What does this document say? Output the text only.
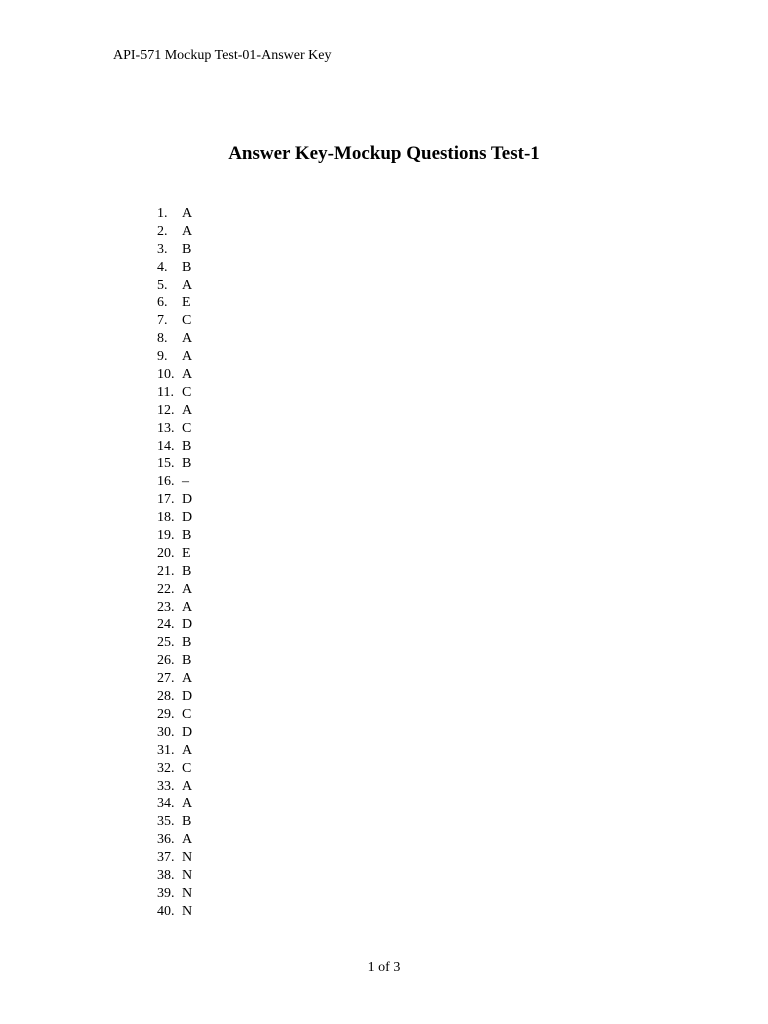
API-571 Mockup Test-01-Answer Key
Answer Key-Mockup Questions Test-1
1.	A
2.	A
3.	B
4.	B
5.	A
6.	E
7.	C
8.	A
9.	A
10. A
11. C
12. A
13. C
14. B
15. B
16. –
17. D
18. D
19. B
20. E
21. B
22. A
23. A
24. D
25. B
26. B
27. A
28. D
29. C
30. D
31. A
32. C
33. A
34. A
35. B
36. A
37. N
38. N
39. N
40. N
1 of 3
